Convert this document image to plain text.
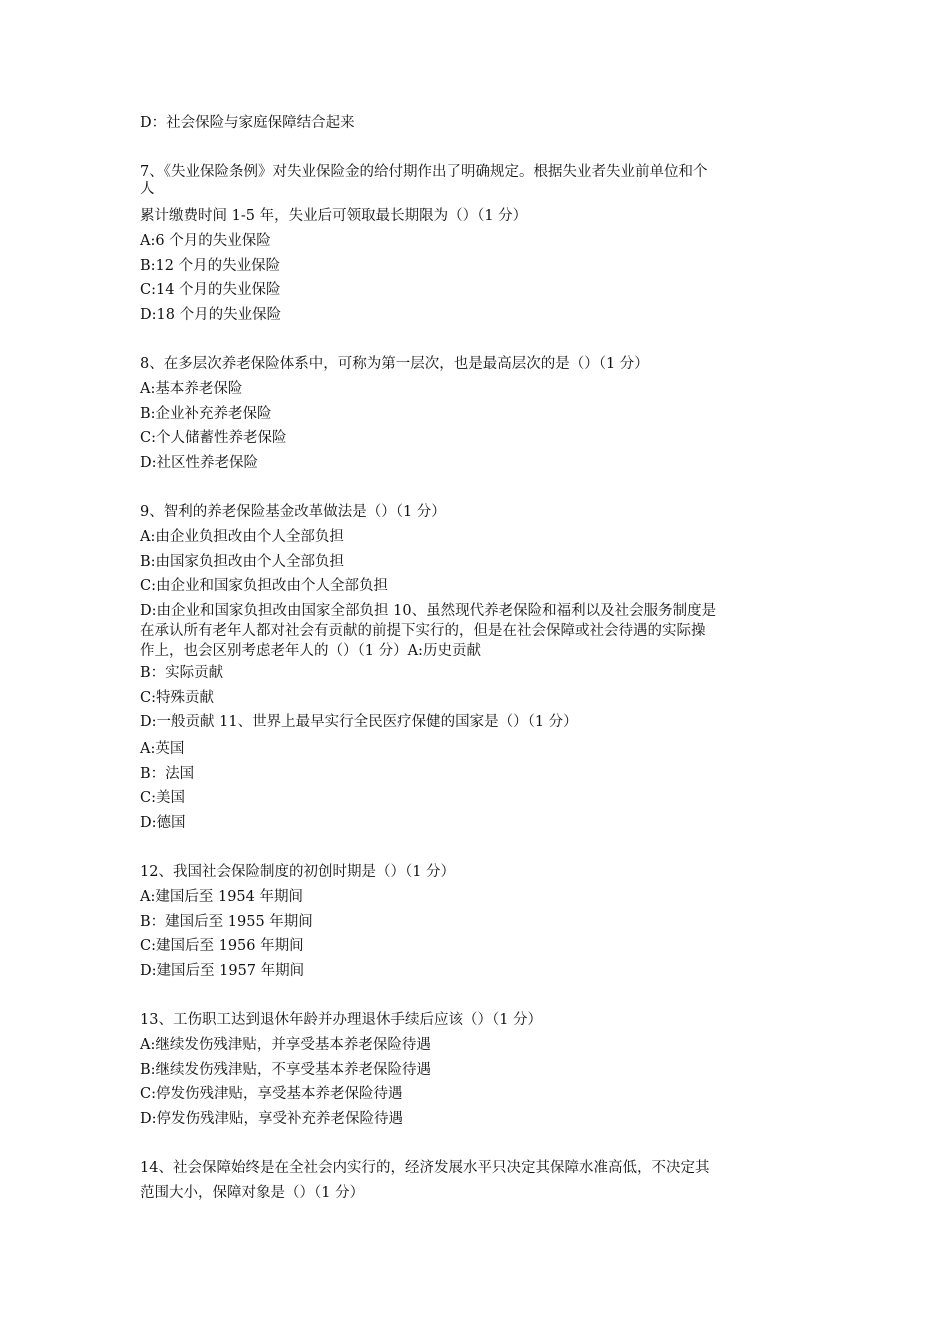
D：社会保险与家庭保障结合起来
7、《失业保险条例》对失业保险金的给付期作出了明确规定。根据失业者失业前单位和个
人
累计缴费时间 1-5 年，失业后可领取最长期限为（）（1 分）
A:6 个月的失业保险
B:12 个月的失业保险
C:14 个月的失业保险
D:18 个月的失业保险
8、在多层次养老保险体系中，可称为第一层次，也是最高层次的是（）（1 分）
A:基本养老保险
B:企业补充养老保险
C:个人储蓄性养老保险
D:社区性养老保险
9、智利的养老保险基金改革做法是（）（1 分）
A:由企业负担改由个人全部负担
B:由国家负担改由个人全部负担
C:由企业和国家负担改由个人全部负担
D:由企业和国家负担改由国家全部负担 10、虽然现代养老保险和福利以及社会服务制度是
在承认所有老年人都对社会有贡献的前提下实行的，但是在社会保障或社会待遇的实际操
作上，也会区别考虑老年人的（）（1 分）A:历史贡献
B：实际贡献
C:特殊贡献
D:一般贡献 11、世界上最早实行全民医疗保健的国家是（）（1 分）
A:英国
B：法国
C:美国
D:德国
12、我国社会保险制度的初创时期是（）（1 分）
A:建国后至 1954 年期间
B：建国后至 1955 年期间
C:建国后至 1956 年期间
D:建国后至 1957 年期间
13、工伤职工达到退休年龄并办理退休手续后应该（）（1 分）
A:继续发伤残津贴，并享受基本养老保险待遇
B:继续发伤残津贴，不享受基本养老保险待遇
C:停发伤残津贴，享受基本养老保险待遇
D:停发伤残津贴，享受补充养老保险待遇
14、社会保障始终是在全社会内实行的，经济发展水平只决定其保障水准高低，不决定其
范围大小，保障对象是（）（1 分）
